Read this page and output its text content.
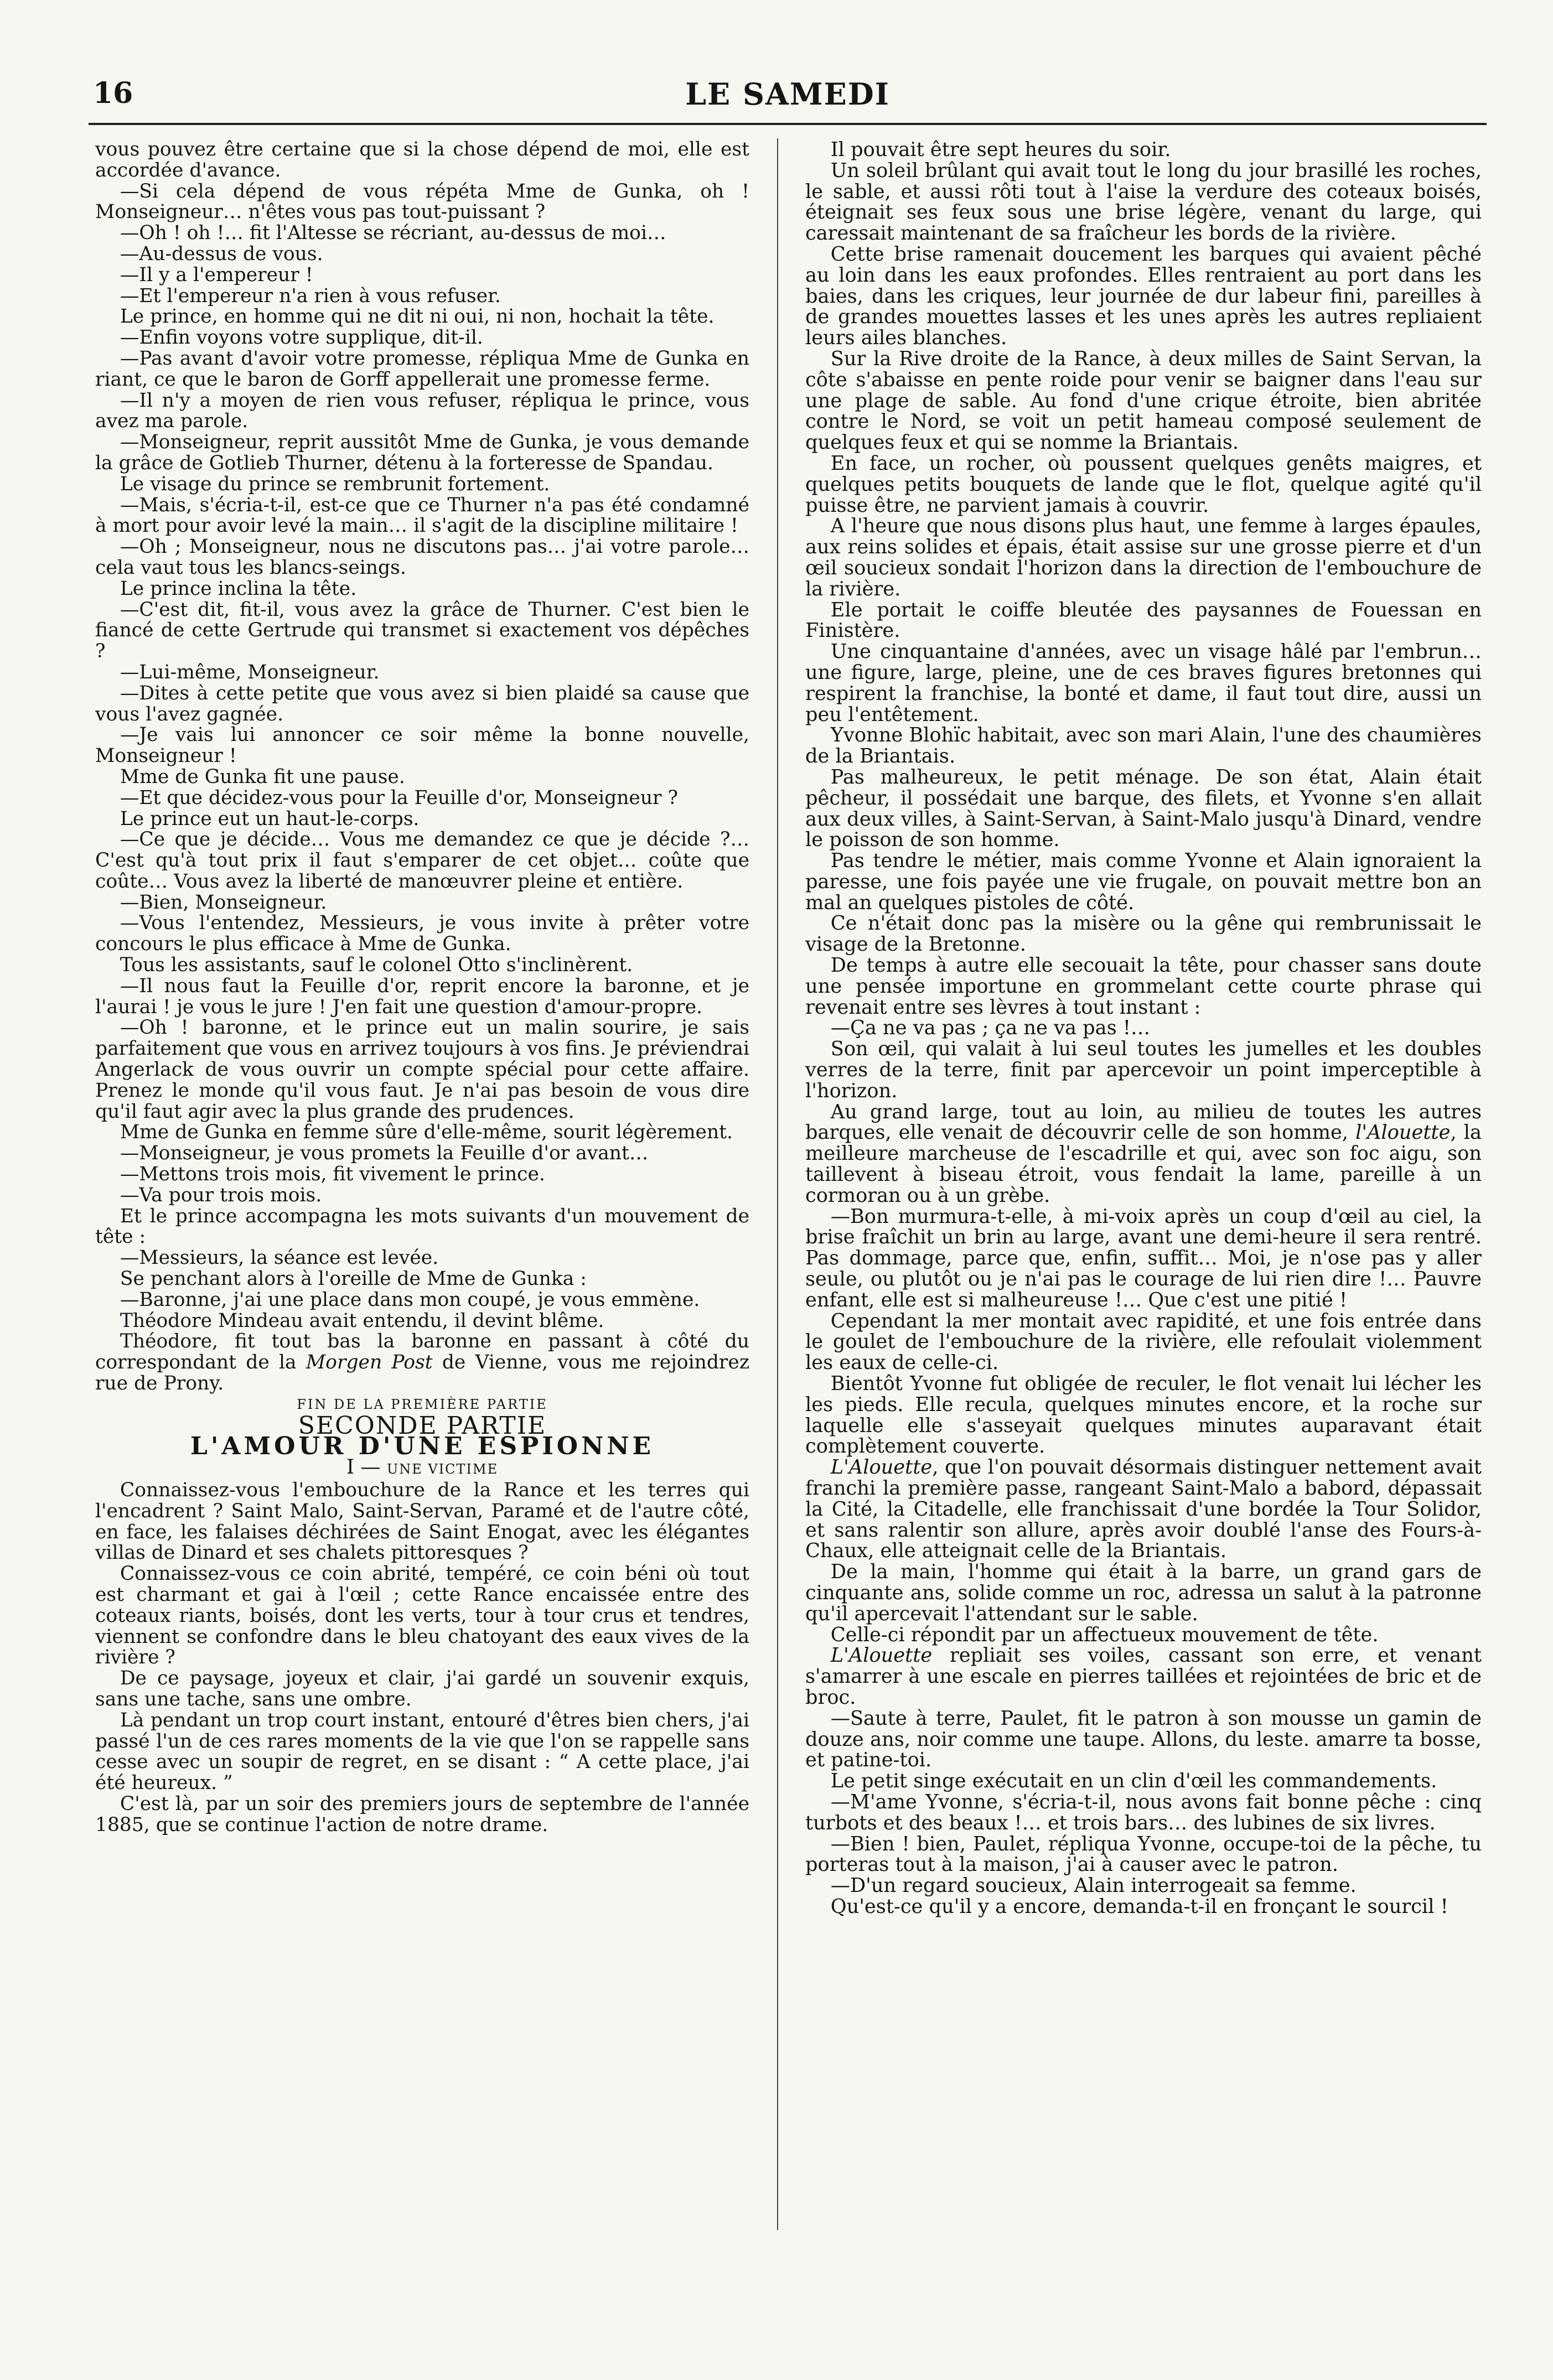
16	LE SAMEDI

vous pouvez être certaine que si la chose dépend de moi, elle est accordée d'avance.

—Si cela dépend de vous répéta Mme de Gunka, oh ! Monseigneur… n'êtes vous pas tout-puissant ?

—Oh ! oh !… fit l'Altesse se récriant, au-dessus de moi…

—Au-dessus de vous.

—Il y a l'empereur !

—Et l'empereur n'a rien à vous refuser.

Le prince, en homme qui ne dit ni oui, ni non, hochait la tête.

—Enfin voyons votre supplique, dit-il.

—Pas avant d'avoir votre promesse, répliqua Mme de Gunka en riant, ce que le baron de Gorff appellerait une promesse ferme.

—Il n'y a moyen de rien vous refuser, répliqua le prince, vous avez ma parole.

—Monseigneur, reprit aussitôt Mme de Gunka, je vous demande la grâce de Gotlieb Thurner, détenu à la forteresse de Spandau.

Le visage du prince se rembrunit fortement.

—Mais, s'écria-t-il, est-ce que ce Thurner n'a pas été condamné à mort pour avoir levé la main… il s'agit de la discipline militaire !

—Oh ; Monseigneur, nous ne discutons pas… j'ai votre parole… cela vaut tous les blancs-seings.

Le prince inclina la tête.

—C'est dit, fit-il, vous avez la grâce de Thurner. C'est bien le fiancé de cette Gertrude qui transmet si exactement vos dépêches ?

—Lui-même, Monseigneur.

—Dites à cette petite que vous avez si bien plaidé sa cause que vous l'avez gagnée.

—Je vais lui annoncer ce soir même la bonne nouvelle, Monseigneur !

Mme de Gunka fit une pause.

—Et que décidez-vous pour la Feuille d'or, Monseigneur ?

Le prince eut un haut-le-corps.

—Ce que je décide… Vous me demandez ce que je décide ?… C'est qu'à tout prix il faut s'emparer de cet objet… coûte que coûte… Vous avez la liberté de manœuvrer pleine et entière.

—Bien, Monseigneur.

—Vous l'entendez, Messieurs, je vous invite à prêter votre concours le plus efficace à Mme de Gunka.

Tous les assistants, sauf le colonel Otto s'inclinèrent.

—Il nous faut la Feuille d'or, reprit encore la baronne, et je l'aurai ! je vous le jure ! J'en fait une question d'amour-propre.

—Oh ! baronne, et le prince eut un malin sourire, je sais parfaitement que vous en arrivez toujours à vos fins. Je préviendrai Angerlack de vous ouvrir un compte spécial pour cette affaire. Prenez le monde qu'il vous faut. Je n'ai pas besoin de vous dire qu'il faut agir avec la plus grande des prudences.

Mme de Gunka en femme sûre d'elle-même, sourit légèrement.

—Monseigneur, je vous promets la Feuille d'or avant…

—Mettons trois mois, fit vivement le prince.

—Va pour trois mois.

Et le prince accompagna les mots suivants d'un mouvement de tête :

—Messieurs, la séance est levée.

Se penchant alors à l'oreille de Mme de Gunka :

—Baronne, j'ai une place dans mon coupé, je vous emmène.

Théodore Mindeau avait entendu, il devint blême.

Théodore, fit tout bas la baronne en passant à côté du correspondant de la Morgen Post de Vienne, vous me rejoindrez rue de Prony.

FIN DE LA PREMIÈRE PARTIE

SECONDE PARTIE

L'AMOUR D'UNE ESPIONNE

I — UNE VICTIME

Connaissez-vous l'embouchure de la Rance et les terres qui l'encadrent ? Saint Malo, Saint-Servan, Paramé et de l'autre côté, en face, les falaises déchirées de Saint Enogat, avec les élégantes villas de Dinard et ses chalets pittoresques ?

Connaissez-vous ce coin abrité, tempéré, ce coin béni où tout est charmant et gai à l'œil ; cette Rance encaissée entre des coteaux riants, boisés, dont les verts, tour à tour crus et tendres, viennent se confondre dans le bleu chatoyant des eaux vives de la rivière ?

De ce paysage, joyeux et clair, j'ai gardé un souvenir exquis, sans une tache, sans une ombre.

Là pendant un trop court instant, entouré d'êtres bien chers, j'ai passé l'un de ces rares moments de la vie que l'on se rappelle sans cesse avec un soupir de regret, en se disant : “ A cette place, j'ai été heureux. ”

C'est là, par un soir des premiers jours de septembre de l'année 1885, que se continue l'action de notre drame.

Il pouvait être sept heures du soir.

Un soleil brûlant qui avait tout le long du jour brasillé les roches, le sable, et aussi rôti tout à l'aise la verdure des coteaux boisés, éteignait ses feux sous une brise légère, venant du large, qui caressait maintenant de sa fraîcheur les bords de la rivière.

Cette brise ramenait doucement les barques qui avaient pêché au loin dans les eaux profondes. Elles rentraient au port dans les baies, dans les criques, leur journée de dur labeur fini, pareilles à de grandes mouettes lasses et les unes après les autres repliaient leurs ailes blanches.

Sur la Rive droite de la Rance, à deux milles de Saint Servan, la côte s'abaisse en pente roide pour venir se baigner dans l'eau sur une plage de sable. Au fond d'une crique étroite, bien abritée contre le Nord, se voit un petit hameau composé seulement de quelques feux et qui se nomme la Briantais.

En face, un rocher, où poussent quelques genêts maigres, et quelques petits bouquets de lande que le flot, quelque agité qu'il puisse être, ne parvient jamais à couvrir.

A l'heure que nous disons plus haut, une femme à larges épaules, aux reins solides et épais, était assise sur une grosse pierre et d'un œil soucieux sondait l'horizon dans la direction de l'embouchure de la rivière.

Ele portait le coiffe bleutée des paysannes de Fouessan en Finistère.

Une cinquantaine d'années, avec un visage hâlé par l'embrun… une figure, large, pleine, une de ces braves figures bretonnes qui respirent la franchise, la bonté et dame, il faut tout dire, aussi un peu l'entêtement.

Yvonne Blohïc habitait, avec son mari Alain, l'une des chaumières de la Briantais.

Pas malheureux, le petit ménage. De son état, Alain était pêcheur, il possédait une barque, des filets, et Yvonne s'en allait aux deux villes, à Saint-Servan, à Saint-Malo jusqu'à Dinard, vendre le poisson de son homme.

Pas tendre le métier, mais comme Yvonne et Alain ignoraient la paresse, une fois payée une vie frugale, on pouvait mettre bon an mal an quelques pistoles de côté.

Ce n'était donc pas la misère ou la gêne qui rembrunissait le visage de la Bretonne.

De temps à autre elle secouait la tête, pour chasser sans doute une pensée importune en grommelant cette courte phrase qui revenait entre ses lèvres à tout instant :

—Ça ne va pas ; ça ne va pas !…

Son œil, qui valait à lui seul toutes les jumelles et les doubles verres de la terre, finit par apercevoir un point imperceptible à l'horizon.

Au grand large, tout au loin, au milieu de toutes les autres barques, elle venait de découvrir celle de son homme, l'Alouette, la meilleure marcheuse de l'escadrille et qui, avec son foc aigu, son taillevent à biseau étroit, vous fendait la lame, pareille à un cormoran ou à un grèbe.

—Bon murmura-t-elle, à mi-voix après un coup d'œil au ciel, la brise fraîchit un brin au large, avant une demi-heure il sera rentré. Pas dommage, parce que, enfin, suffit… Moi, je n'ose pas y aller seule, ou plutôt ou je n'ai pas le courage de lui rien dire !… Pauvre enfant, elle est si malheureuse !… Que c'est une pitié !

Cependant la mer montait avec rapidité, et une fois entrée dans le goulet de l'embouchure de la rivière, elle refoulait violemment les eaux de celle-ci.

Bientôt Yvonne fut obligée de reculer, le flot venait lui lécher les les pieds. Elle recula, quelques minutes encore, et la roche sur laquelle elle s'asseyait quelques minutes auparavant était complètement couverte.

L'Alouette, que l'on pouvait désormais distinguer nettement avait franchi la première passe, rangeant Saint-Malo a babord, dépassait la Cité, la Citadelle, elle franchissait d'une bordée la Tour Solidor, et sans ralentir son allure, après avoir doublé l'anse des Fours-à-Chaux, elle atteignait celle de la Briantais.

De la main, l'homme qui était à la barre, un grand gars de cinquante ans, solide comme un roc, adressa un salut à la patronne qu'il apercevait l'attendant sur le sable.

Celle-ci répondit par un affectueux mouvement de tête.

L'Alouette repliait ses voiles, cassant son erre, et venant s'amarrer à une escale en pierres taillées et rejointées de bric et de broc.

—Saute à terre, Paulet, fit le patron à son mousse un gamin de douze ans, noir comme une taupe. Allons, du leste. amarre ta bosse, et patine-toi.

Le petit singe exécutait en un clin d'œil les commandements.

—M'ame Yvonne, s'écria-t-il, nous avons fait bonne pêche : cinq turbots et des beaux !… et trois bars… des lubines de six livres.

—Bien ! bien, Paulet, répliqua Yvonne, occupe-toi de la pêche, tu porteras tout à la maison, j'ai à causer avec le patron.

—D'un regard soucieux, Alain interrogeait sa femme.

Qu'est-ce qu'il y a encore, demanda-t-il en fronçant le sourcil !
